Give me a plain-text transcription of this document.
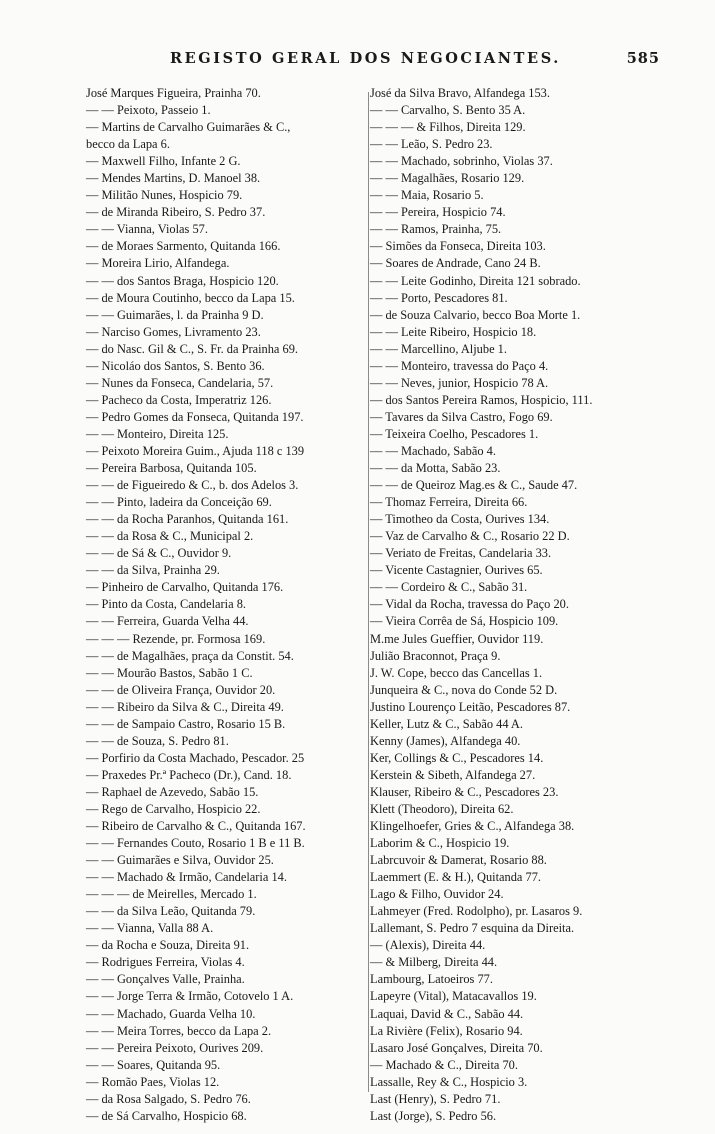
REGISTO GERAL DOS NEGOCIANTES.	585
José Marques Figueira, Prainha 70.
— — Peixoto, Passeio 1.
— Martins de Carvalho Guimarães & C.,
becco da Lapa 6.
— Maxwell Filho, Infante 2 G.
— Mendes Martins, D. Manoel 38.
— Militão Nunes, Hospicio 79.
— de Miranda Ribeiro, S. Pedro 37.
— — Vianna, Violas 57.
— de Moraes Sarmento, Quitanda 166.
— Moreira Lirio, Alfandega.
— — dos Santos Braga, Hospicio 120.
— de Moura Coutinho, becco da Lapa 15.
— — Guimarães, l. da Prainha 9 D.
— Narciso Gomes, Livramento 23.
— do Nasc. Gil & C., S. Fr. da Prainha 69.
— Nicoláo dos Santos, S. Bento 36.
— Nunes da Fonseca, Candelaria, 57.
— Pacheco da Costa, Imperatriz 126.
— Pedro Gomes da Fonseca, Quitanda 197.
— — Monteiro, Direita 125.
— Peixoto Moreira Guim., Ajuda 118 c 139
— Pereira Barbosa, Quitanda 105.
— — de Figueiredo & C., b. dos Adelos 3.
— — Pinto, ladeira da Conceição 69.
— — da Rocha Paranhos, Quitanda 161.
— — da Rosa & C., Municipal 2.
— — de Sá & C., Ouvidor 9.
— — da Silva, Prainha 29.
— Pinheiro de Carvalho, Quitanda 176.
— Pinto da Costa, Candelaria 8.
— — Ferreira, Guarda Velha 44.
— — — Rezende, pr. Formosa 169.
— — de Magalhães, praça da Constit. 54.
— — Mourão Bastos, Sabão 1 C.
— — de Oliveira França, Ouvidor 20.
— — Ribeiro da Silva & C., Direita 49.
— — de Sampaio Castro, Rosario 15 B.
— — de Souza, S. Pedro 81.
— Porfirio da Costa Machado, Pescador. 25
— Praxedes Pr.ª Pacheco (Dr.), Cand. 18.
— Raphael de Azevedo, Sabão 15.
— Rego de Carvalho, Hospicio 22.
— Ribeiro de Carvalho & C., Quitanda 167.
— — Fernandes Couto, Rosario 1 B e 11 B.
— — Guimarães e Silva, Ouvidor 25.
— — Machado & Irmão, Candelaria 14.
— — — de Meirelles, Mercado 1.
— — da Silva Leão, Quitanda 79.
— — Vianna, Valla 88 A.
— da Rocha e Souza, Direita 91.
— Rodrigues Ferreira, Violas 4.
— — Gonçalves Valle, Prainha.
— — Jorge Terra & Irmão, Cotovelo 1 A.
— — Machado, Guarda Velha 10.
— — Meira Torres, becco da Lapa 2.
— — Pereira Peixoto, Ourives 209.
— — Soares, Quitanda 95.
— Romão Paes, Violas 12.
— da Rosa Salgado, S. Pedro 76.
— de Sá Carvalho, Hospicio 68.
José da Silva Bravo, Alfandega 153.
— — Carvalho, S. Bento 35 A.
— — — & Filhos, Direita 129.
— — Leão, S. Pedro 23.
— — Machado, sobrinho, Violas 37.
— — Magalhães, Rosario 129.
— — Maia, Rosario 5.
— — Pereira, Hospicio 74.
— — Ramos, Prainha, 75.
— Simões da Fonseca, Direita 103.
— Soares de Andrade, Cano 24 B.
— — Leite Godinho, Direita 121 sobrado.
— — Porto, Pescadores 81.
— de Souza Calvario, becco Boa Morte 1.
— — Leite Ribeiro, Hospicio 18.
— — Marcellino, Aljube 1.
— — Monteiro, travessa do Paço 4.
— — Neves, junior, Hospicio 78 A.
— dos Santos Pereira Ramos, Hospicio, 111.
— Tavares da Silva Castro, Fogo 69.
— Teixeira Coelho, Pescadores 1.
— — Machado, Sabão 4.
— — da Motta, Sabão 23.
— — de Queiroz Mag.es & C., Saude 47.
— Thomaz Ferreira, Direita 66.
— Timotheo da Costa, Ourives 134.
— Vaz de Carvalho & C., Rosario 22 D.
— Veriato de Freitas, Candelaria 33.
— Vicente Castagnier, Ourives 65.
— — Cordeiro & C., Sabão 31.
— Vidal da Rocha, travessa do Paço 20.
— Vieira Corrêa de Sá, Hospicio 109.
M.me Jules Gueffier, Ouvidor 119.
Julião Braconnot, Praça 9.
J. W. Cope, becco das Cancellas 1.
Junqueira & C., nova do Conde 52 D.
Justino Lourenço Leitão, Pescadores 87.
Keller, Lutz & C., Sabão 44 A.
Kenny (James), Alfandega 40.
Ker, Collings & C., Pescadores 14.
Kerstein & Sibeth, Alfandega 27.
Klauser, Ribeiro & C., Pescadores 23.
Klett (Theodoro), Direita 62.
Klingelhoefer, Gries & C., Alfandega 38.
Laborim & C., Hospicio 19.
Labrcuvoir & Damerat, Rosario 88.
Laemmert (E. & H.), Quitanda 77.
Lago & Filho, Ouvidor 24.
Lahmeyer (Fred. Rodolpho), pr. Lasaros 9.
Lallemant, S. Pedro 7 esquina da Direita.
— (Alexis), Direita 44.
— & Milberg, Direita 44.
Lambourg, Latoeiros 77.
Lapeyre (Vital), Matacavallos 19.
Laquai, David & C., Sabão 44.
La Rivière (Felix), Rosario 94.
Lasaro José Gonçalves, Direita 70.
— Machado & C., Direita 70.
Lassalle, Rey & C., Hospicio 3.
Last (Henry), S. Pedro 71.
Last (Jorge), S. Pedro 56.
